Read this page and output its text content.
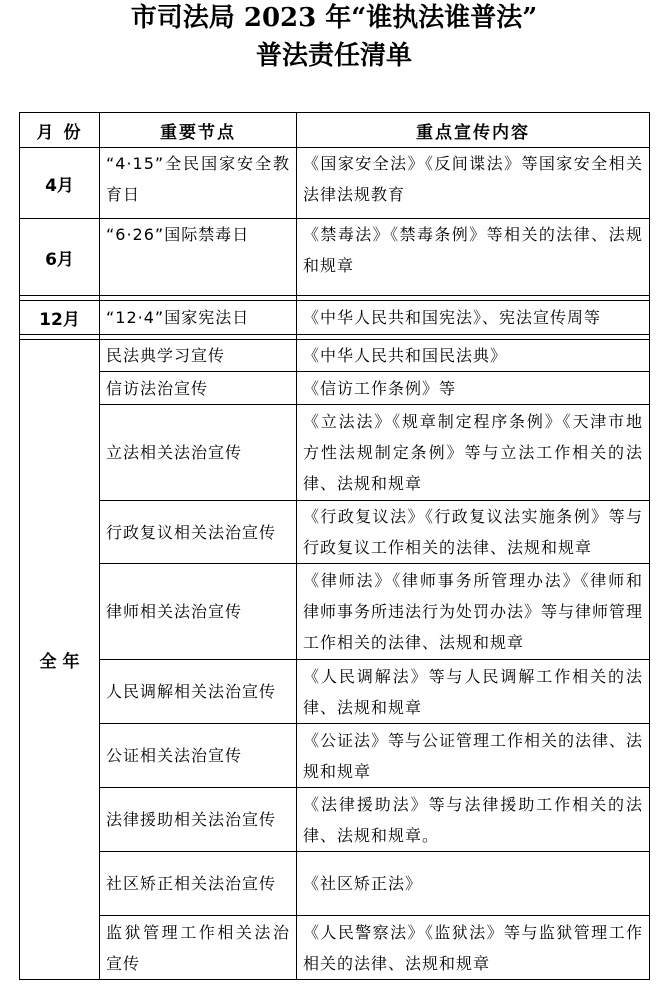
市司法局 2023 年“谁执法谁普法”
普法责任清单
月 份	重要节点	重点宣传内容
4月	“4·15”全民国家安全教育日	《国家安全法》《反间谍法》等国家安全相关法律法规教育
6月	“6·26”国际禁毒日	《禁毒法》《禁毒条例》等相关的法律、法规和规章

12月	“12·4”国家宪法日	《中华人民共和国宪法》、宪法宣传周等

全 年	民法典学习宣传	《中华人民共和国民法典》
	信访法治宣传	《信访工作条例》等
	立法相关法治宣传	《立法法》《规章制定程序条例》《天津市地方性法规制定条例》等与立法工作相关的法律、法规和规章
	行政复议相关法治宣传	《行政复议法》《行政复议法实施条例》等与行政复议工作相关的法律、法规和规章
	律师相关法治宣传	《律师法》《律师事务所管理办法》《律师和律师事务所违法行为处罚办法》等与律师管理工作相关的法律、法规和规章
	人民调解相关法治宣传	《人民调解法》等与人民调解工作相关的法律、法规和规章
	公证相关法治宣传	《公证法》等与公证管理工作相关的法律、法规和规章
	法律援助相关法治宣传	《法律援助法》等与法律援助工作相关的法律、法规和规章。
	社区矫正相关法治宣传	《社区矫正法》
	监狱管理工作相关法治宣传	《人民警察法》《监狱法》等与监狱管理工作相关的法律、法规和规章
